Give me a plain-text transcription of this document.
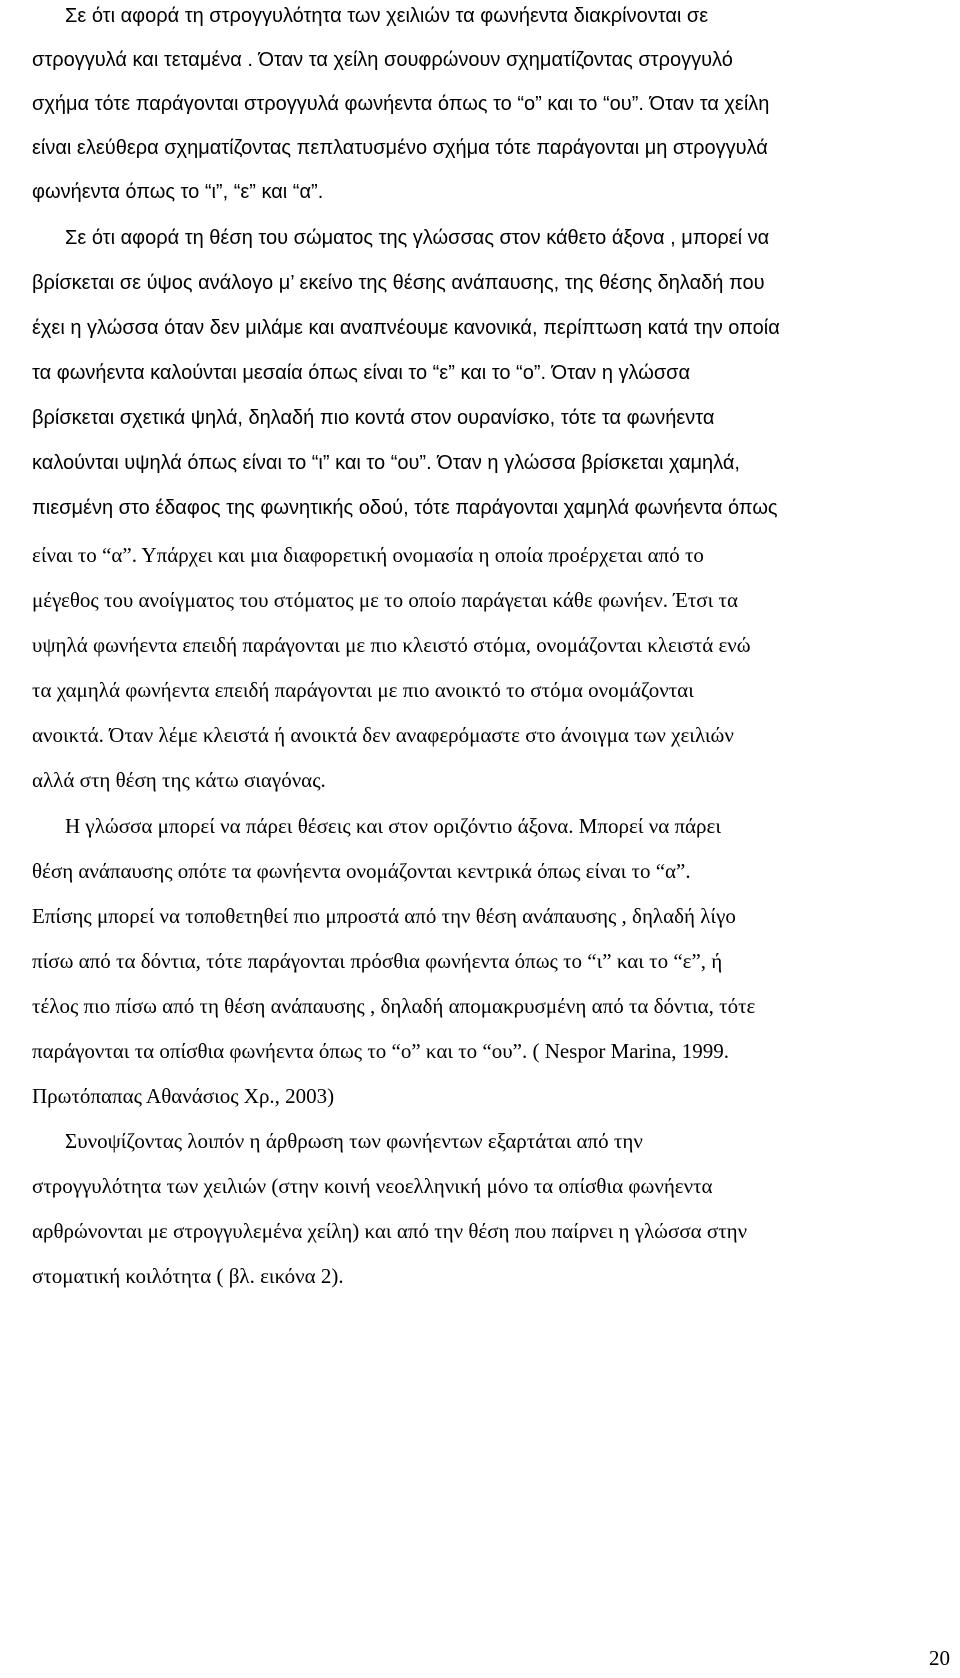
Σε ότι αφορά τη στρογγυλότητα των χειλιών τα φωνήεντα διακρίνονται σε
στρογγυλά και τεταμένα . Όταν τα χείλη σουφρώνουν σχηματίζοντας στρογγυλό
σχήμα τότε παράγονται στρογγυλά φωνήεντα όπως το “ο” και το “ου”. Όταν τα χείλη
είναι ελεύθερα σχηματίζοντας πεπλατυσμένο σχήμα τότε παράγονται μη στρογγυλά
φωνήεντα όπως το “ι”, “ε” και “α”.
Σε ότι αφορά τη θέση του σώματος της γλώσσας στον κάθετο άξονα , μπορεί να
βρίσκεται σε ύψος ανάλογο μ’ εκείνο της θέσης ανάπαυσης, της θέσης δηλαδή που
έχει η γλώσσα όταν δεν μιλάμε και αναπνέουμε κανονικά, περίπτωση κατά την οποία
τα φωνήεντα καλούνται μεσαία όπως είναι το “ε” και το “ο”. Όταν η γλώσσα
βρίσκεται σχετικά ψηλά, δηλαδή πιο κοντά στον ουρανίσκο, τότε τα φωνήεντα
καλούνται υψηλά όπως είναι το “ι” και το “ου”. Όταν η γλώσσα βρίσκεται χαμηλά,
πιεσμένη στο έδαφος της φωνητικής οδού, τότε παράγονται χαμηλά φωνήεντα όπως
είναι το “α”. Υπάρχει και μια διαφορετική ονομασία η οποία προέρχεται από το
μέγεθος του ανοίγματος του στόματος με το οποίο παράγεται κάθε φωνήεν. Έτσι τα
υψηλά φωνήεντα επειδή παράγονται με πιο κλειστό στόμα, ονομάζονται κλειστά ενώ
τα χαμηλά φωνήεντα επειδή παράγονται με πιο ανοικτό το στόμα ονομάζονται
ανοικτά. Όταν λέμε κλειστά ή ανοικτά δεν αναφερόμαστε στο άνοιγμα των χειλιών
αλλά στη θέση της κάτω σιαγόνας.
Η γλώσσα μπορεί να πάρει θέσεις και στον οριζόντιο άξονα. Μπορεί να πάρει
θέση ανάπαυσης οπότε τα φωνήεντα ονομάζονται κεντρικά όπως είναι το “α”.
Επίσης μπορεί να τοποθετηθεί πιο μπροστά από την θέση ανάπαυσης , δηλαδή λίγο
πίσω από τα δόντια, τότε παράγονται πρόσθια φωνήεντα όπως το “ι” και το “ε”, ή
τέλος πιο πίσω από τη θέση ανάπαυσης , δηλαδή απομακρυσμένη από τα δόντια, τότε
παράγονται τα οπίσθια φωνήεντα όπως το “ο” και το “ου”. ( Nespor Marina, 1999.
Πρωτόπαπας Αθανάσιος Χρ., 2003)
Συνοψίζοντας λοιπόν η άρθρωση των φωνήεντων εξαρτάται από την
στρογγυλότητα των χειλιών (στην κοινή νεοελληνική μόνο τα οπίσθια φωνήεντα
αρθρώνονται με στρογγυλεμένα χείλη) και από την θέση που παίρνει η γλώσσα στην
στοματική κοιλότητα ( βλ. εικόνα 2).
20
